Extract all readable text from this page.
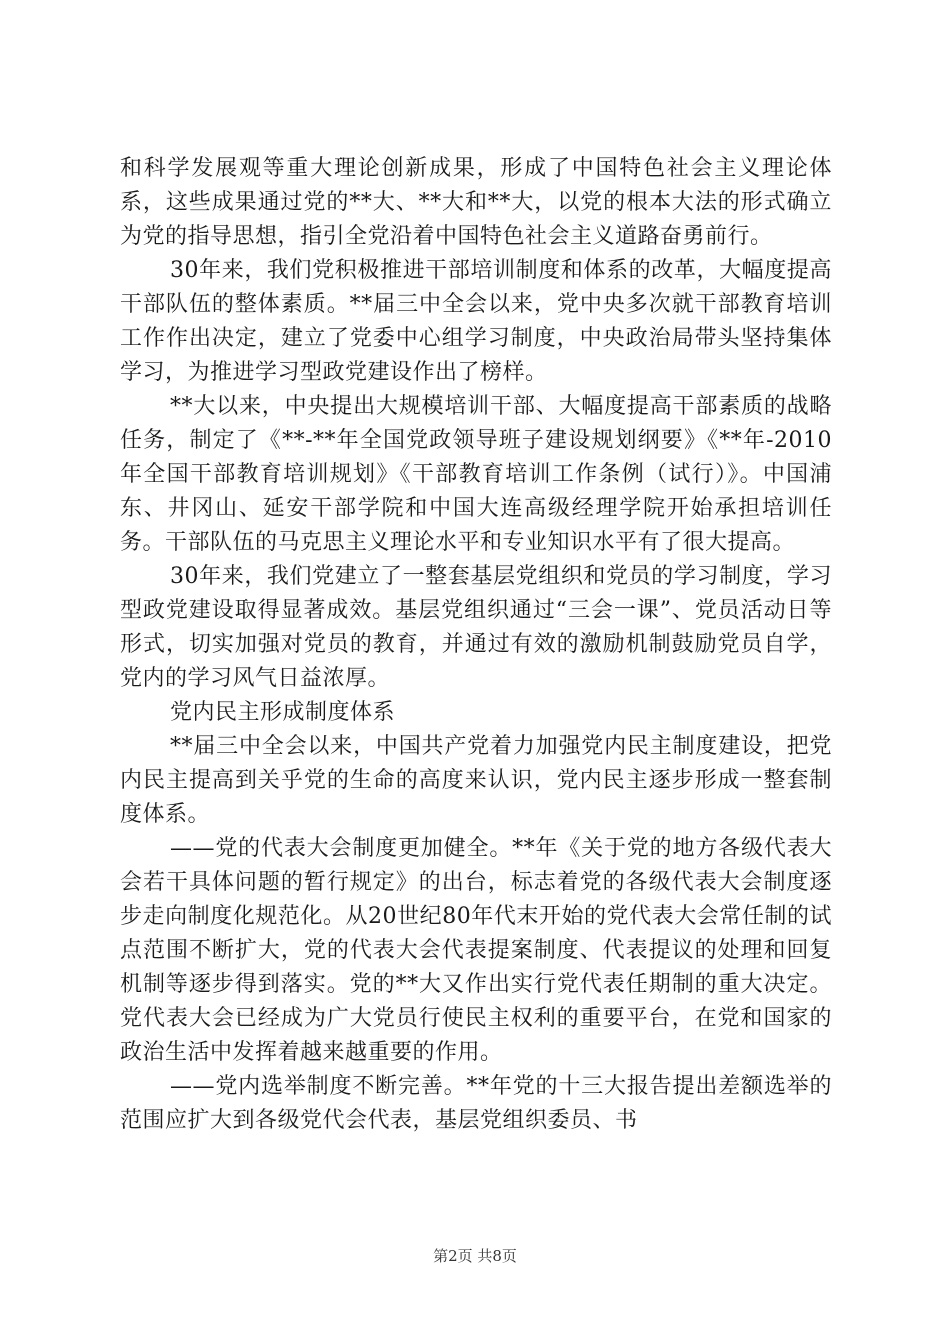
和科学发展观等重大理论创新成果，形成了中国特色社会主义理论体系，这些成果通过党的**大、**大和**大，以党的根本大法的形式确立为党的指导思想，指引全党沿着中国特色社会主义道路奋勇前行。

30年来，我们党积极推进干部培训制度和体系的改革，大幅度提高干部队伍的整体素质。**届三中全会以来，党中央多次就干部教育培训工作作出决定，建立了党委中心组学习制度，中央政治局带头坚持集体学习，为推进学习型政党建设作出了榜样。

**大以来，中央提出大规模培训干部、大幅度提高干部素质的战略任务，制定了《**-**年全国党政领导班子建设规划纲要》《**年-2010年全国干部教育培训规划》《干部教育培训工作条例（试行）》。中国浦东、井冈山、延安干部学院和中国大连高级经理学院开始承担培训任务。干部队伍的马克思主义理论水平和专业知识水平有了很大提高。

30年来，我们党建立了一整套基层党组织和党员的学习制度，学习型政党建设取得显著成效。基层党组织通过“三会一课”、党员活动日等形式，切实加强对党员的教育，并通过有效的激励机制鼓励党员自学，党内的学习风气日益浓厚。

党内民主形成制度体系

**届三中全会以来，中国共产党着力加强党内民主制度建设，把党内民主提高到关乎党的生命的高度来认识，党内民主逐步形成一整套制度体系。

——党的代表大会制度更加健全。**年《关于党的地方各级代表大会若干具体问题的暂行规定》的出台，标志着党的各级代表大会制度逐步走向制度化规范化。从20世纪80年代末开始的党代表大会常任制的试点范围不断扩大，党的代表大会代表提案制度、代表提议的处理和回复机制等逐步得到落实。党的**大又作出实行党代表任期制的重大决定。党代表大会已经成为广大党员行使民主权利的重要平台，在党和国家的政治生活中发挥着越来越重要的作用。

——党内选举制度不断完善。**年党的十三大报告提出差额选举的范围应扩大到各级党代会代表，基层党组织委员、书

第2页 共8页
